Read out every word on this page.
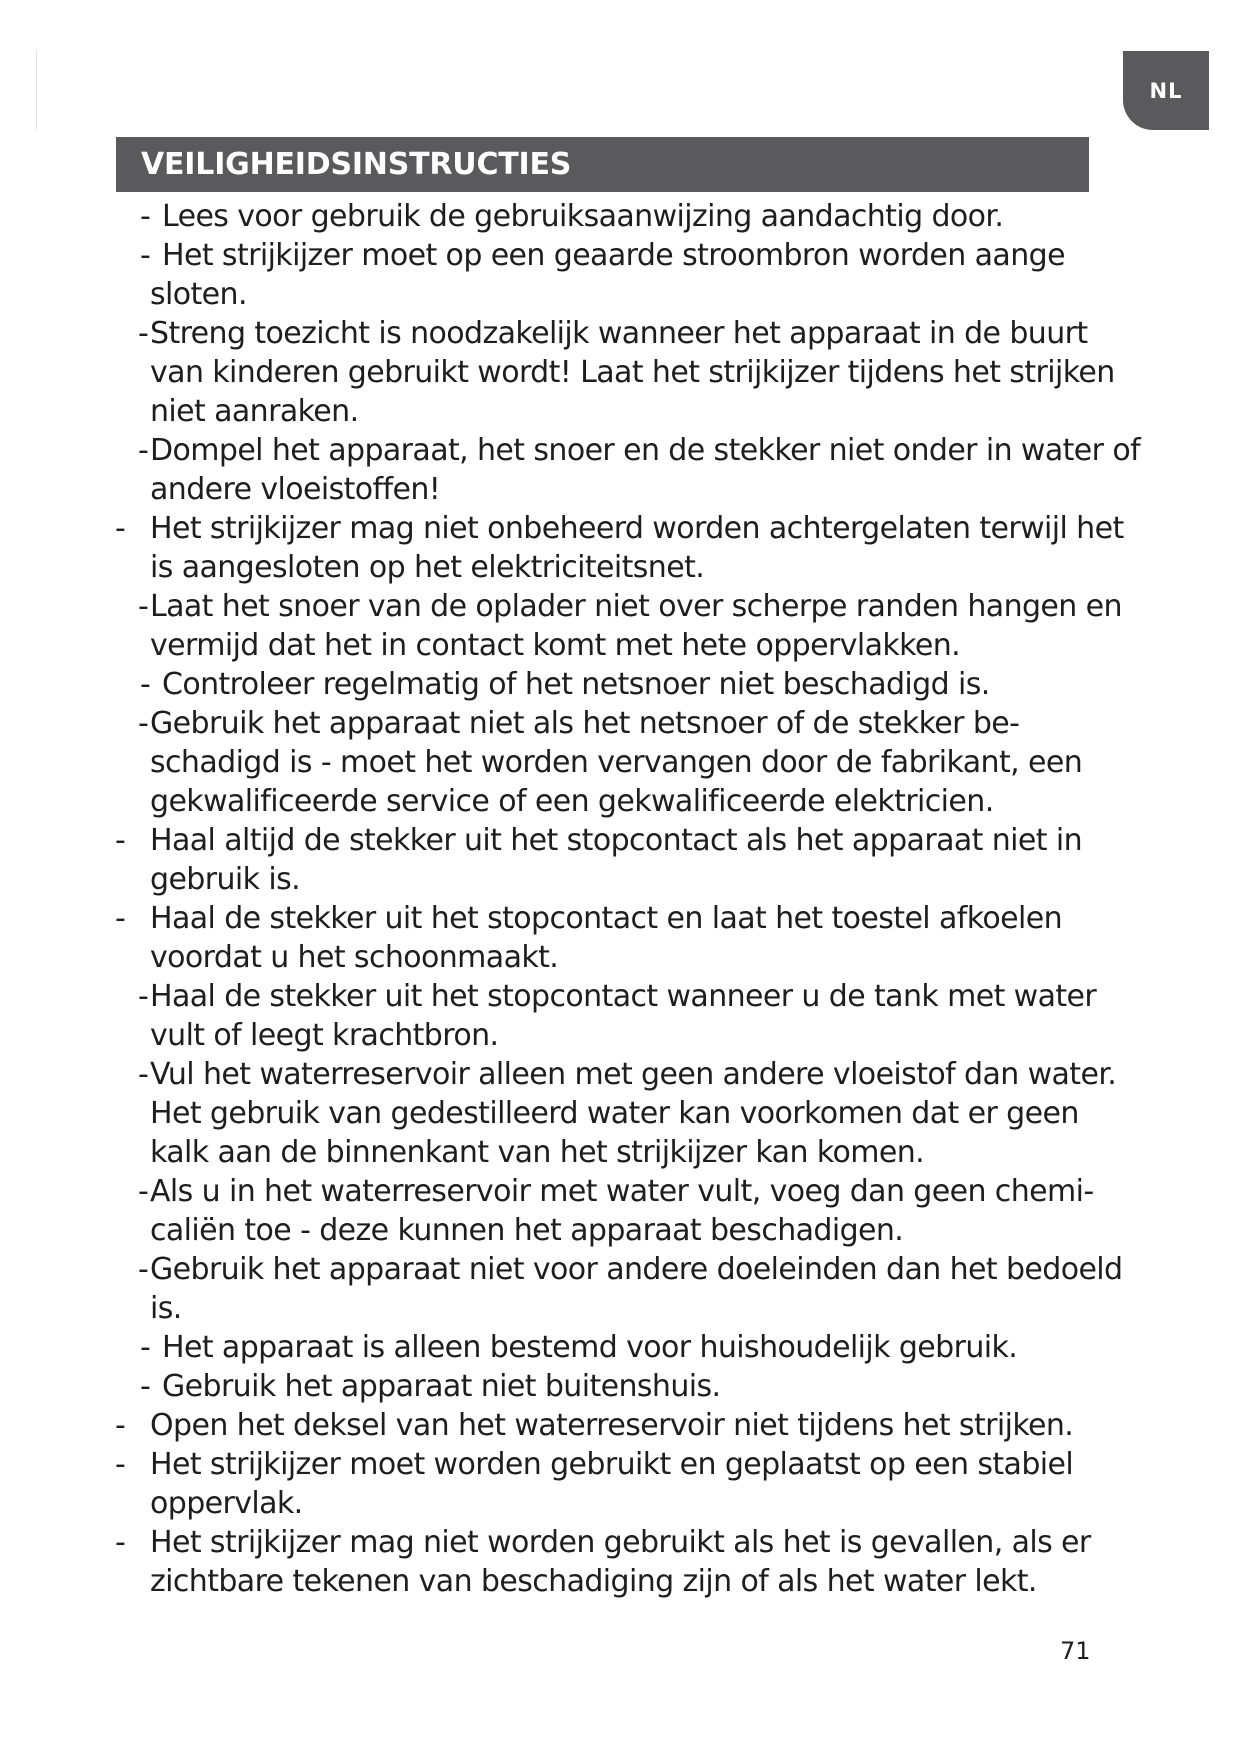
NL
VEILIGHEIDSINSTRUCTIES
- Lees voor gebruik de gebruiksaanwijzing aandachtig door.
- Het strijkijzer moet op een geaarde stroombron worden aange sloten.
- Streng toezicht is noodzakelijk wanneer het apparaat in de buurt van kinderen gebruikt wordt! Laat het strijkijzer tijdens het strijken niet aanraken.
- Dompel het apparaat, het snoer en de stekker niet onder in water of andere vloeistoffen!
- Het strijkijzer mag niet onbeheerd worden achtergelaten terwijl het is aangesloten op het elektriciteitsnet.
- Laat het snoer van de oplader niet over scherpe randen hangen en vermijd dat het in contact komt met hete oppervlakken.
- Controleer regelmatig of het netsnoer niet beschadigd is.
- Gebruik het apparaat niet als het netsnoer of de stekker be- schadigd is - moet het worden vervangen door de fabrikant, een gekwalificeerde service of een gekwalificeerde elektricien.
- Haal altijd de stekker uit het stopcontact als het apparaat niet in gebruik is.
- Haal de stekker uit het stopcontact en laat het toestel afkoelen voordat u het schoonmaakt.
- Haal de stekker uit het stopcontact wanneer u de tank met water vult of leegt krachtbron.
- Vul het waterreservoir alleen met geen andere vloeistof dan water. Het gebruik van gedestilleerd water kan voorkomen dat er geen kalk aan de binnenkant van het strijkijzer kan komen.
- Als u in het waterreservoir met water vult, voeg dan geen chemi- caliën toe - deze kunnen het apparaat beschadigen.
- Gebruik het apparaat niet voor andere doeleinden dan het bedoeld is.
- Het apparaat is alleen bestemd voor huishoudelijk gebruik.
- Gebruik het apparaat niet buitenshuis.
- Open het deksel van het waterreservoir niet tijdens het strijken.
- Het strijkijzer moet worden gebruikt en geplaatst op een stabiel oppervlak.
- Het strijkijzer mag niet worden gebruikt als het is gevallen, als er zichtbare tekenen van beschadiging zijn of als het water lekt.
71
